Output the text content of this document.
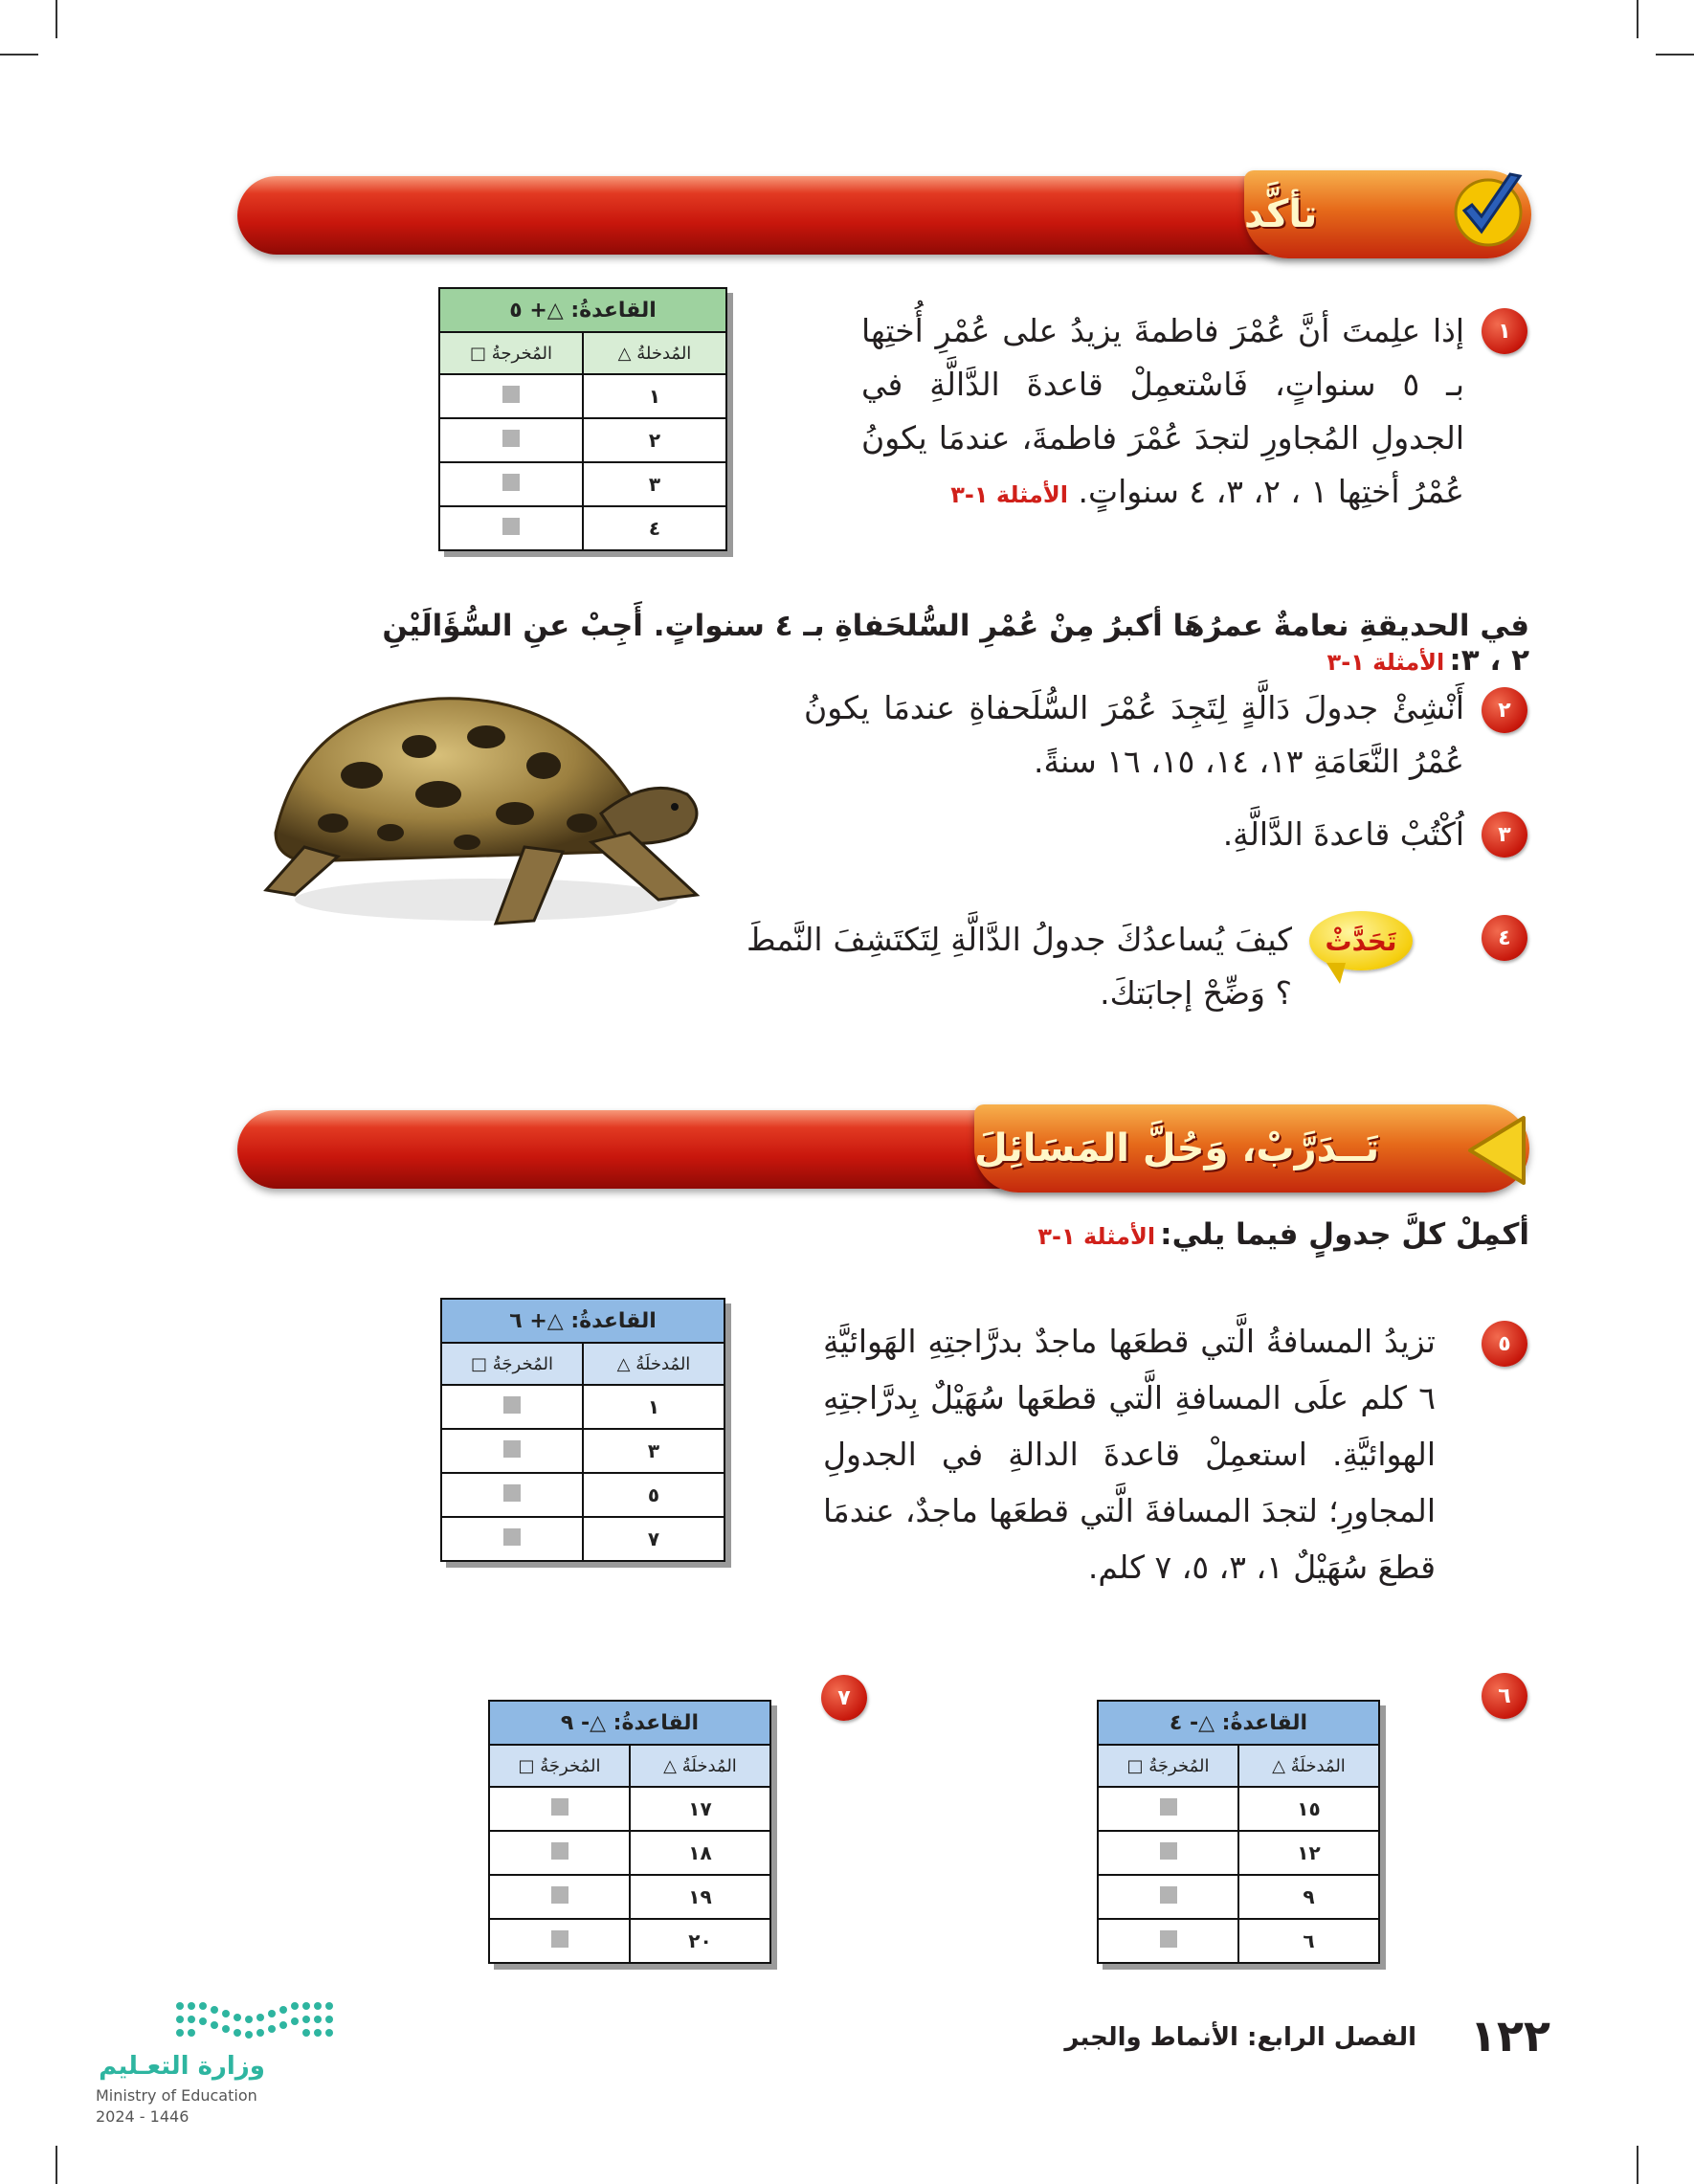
تأكَّد
١
إذا علِمتَ أنَّ عُمْرَ فاطمةَ يزيدُ على عُمْرِ أُختِها بـ ٥ سنواتٍ، فَاسْتعمِلْ قاعدةَ الدَّالَّةِ في الجدولِ المُجاورِ لتجدَ عُمْرَ فاطمةَ، عندمَا يكونُ عُمْرُ أختِها ١ ، ٢، ٣، ٤ سنواتٍ. الأمثلة ١-٣
القاعدةُ: △+ ٥	
المُدخلةُ △	المُخرجةُ □
١	
٢	
٣	
٤	
في الحديقةِ نعامةٌ عمرُهَا أكبرُ مِنْ عُمْرِ السُّلحَفاةِ بـ ٤ سنواتٍ. أَجِبْ عنِ السُّؤَالَيْنِ ٢ ، ٣: الأمثلة ١-٣
٢
أَنْشِئْ جدولَ دَالَّةٍ لِتَجِدَ عُمْرَ السُّلَحفاةِ عندمَا يكونُ عُمْرُ النَّعَامَةِ ١٣، ١٤، ١٥، ١٦ سنةً.
٣
اُكْتُبْ قاعدةَ الدَّالَّةِ.
٤
تَحَدَّثْ
كيفَ يُساعدُكَ جدولُ الدَّالَّةِ لِتَكتَشِفَ النَّمطَ ؟ وَضِّحْ إجابَتكَ.
تَــدَرَّبْ، وَحُلَّ المَسَائِلَ
أكمِلْ كلَّ جدولٍ فيما يلي: الأمثلة ١-٣
٥
تزيدُ المسافةُ الَّتي قطعَها ماجدٌ بدرَّاجتِهِ الهَوائيَّةِ ٦ كلم علَى المسافةِ الَّتي قطعَها سُهَيْلٌ بِدرَّاجتِهِ الهوائيَّةِ. استعمِلْ قاعدةَ الدالةِ في الجدولِ المجاورِ؛ لتجدَ المسافةَ الَّتي قطعَها ماجدٌ، عندمَا قطعَ سُهَيْلٌ ١، ٣، ٥، ٧ كلم.
القاعدةُ: △+ ٦	
المُدخلَةُ △	المُخرجَةُ □
١	
٣	
٥	
٧	
٦
القاعدةُ: △- ٤	
المُدخلَةُ △	المُخرجَةُ □
١٥	
١٢	
٩	
٦	
٧
القاعدةُ: △- ٩	
المُدخلَةُ △	المُخرجَةُ □
١٧	
١٨	
١٩	
٢٠	
وزارة التعـليم
Ministry of Education
2024 - 1446
الفصل الرابع: الأنماط والجبر	١٢٢
